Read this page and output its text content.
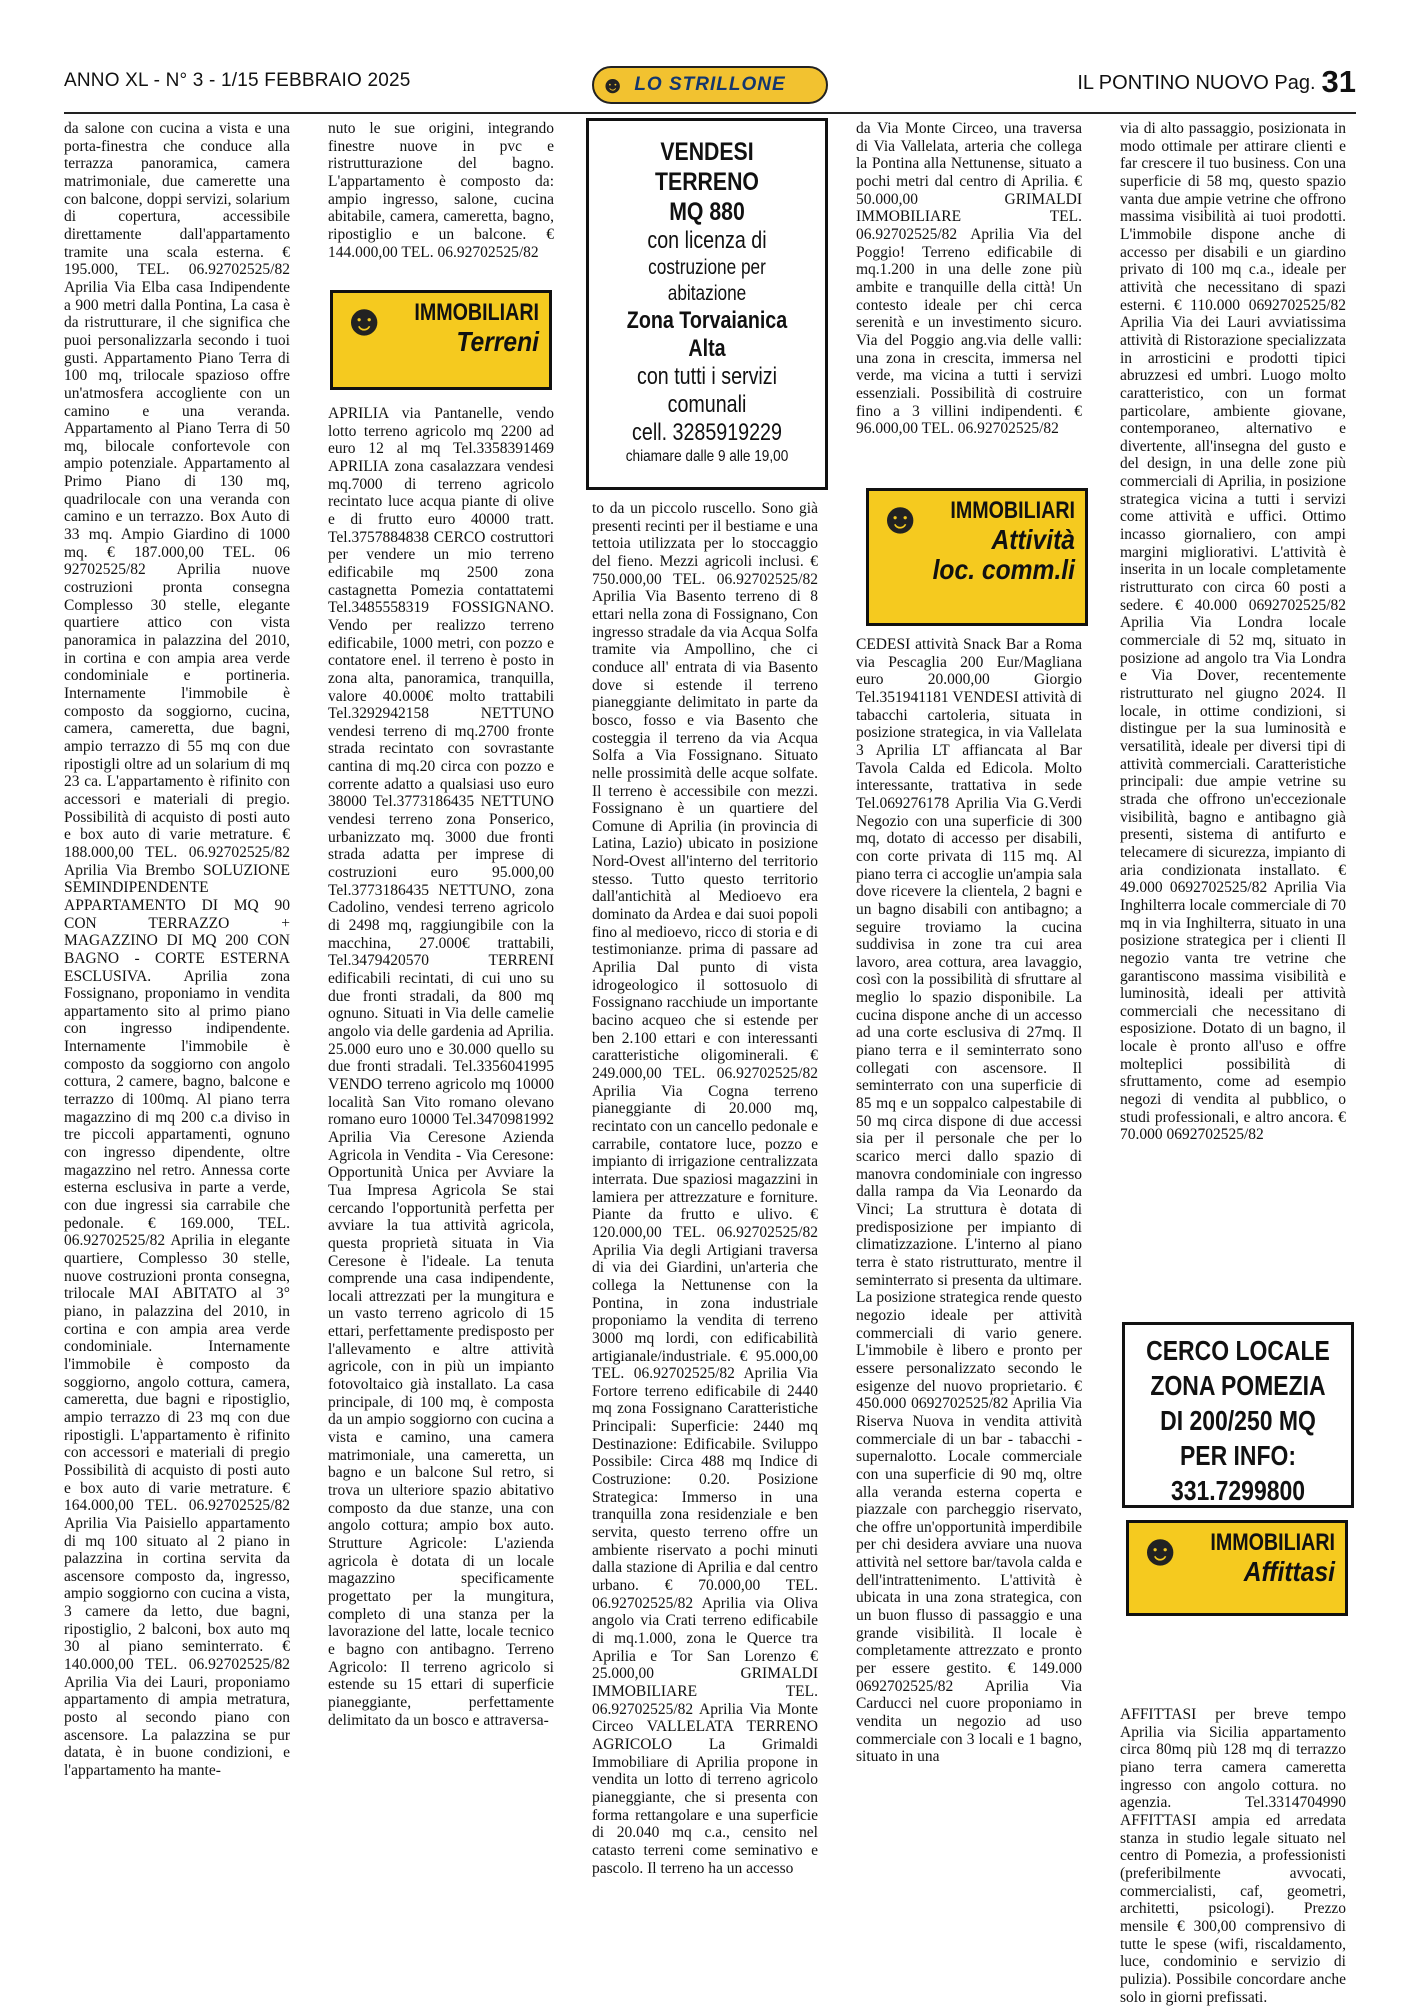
ANNO XL - N° 3 - 1/15 FEBBRAIO 2025	☻ LO STRILLONE	IL PONTINO NUOVO Pag. 31

da salone con cucina a vista e una porta-finestra che conduce alla terrazza panoramica, camera matrimoniale, due camerette una con balcone, doppi servizi, solarium di copertura, accessibile direttamente dall'appartamento tramite una scala esterna. € 195.000, TEL. 06.92702525/82 Aprilia Via Elba casa Indipendente a 900 metri dalla Pontina, La casa è da ristrutturare, il che significa che puoi personalizzarla secondo i tuoi gusti. Appartamento Piano Terra di 100 mq, trilocale spazioso offre un'atmosfera accogliente con un camino e una veranda. Appartamento al Piano Terra di 50 mq, bilocale confortevole con ampio potenziale. Appartamento al Primo Piano di 130 mq, quadrilocale con una veranda con camino e un terrazzo. Box Auto di 33 mq. Ampio Giardino di 1000 mq. € 187.000,00 TEL. 06 92702525/82 Aprilia nuove costruzioni pronta consegna Complesso 30 stelle, elegante quartiere attico con vista panoramica in palazzina del 2010, in cortina e con ampia area verde condominiale e portineria. Internamente l'immobile è composto da soggiorno, cucina, camera, cameretta, due bagni, ampio terrazzo di 55 mq con due ripostigli oltre ad un solarium di mq 23 ca. L'appartamento è rifinito con accessori e materiali di pregio. Possibilità di acquisto di posti auto e box auto di varie metrature. € 188.000,00 TEL. 06.92702525/82 Aprilia Via Brembo SOLUZIONE SEMINDIPENDENTE APPARTAMENTO DI MQ 90 CON TERRAZZO + MAGAZZINO DI MQ 200 CON BAGNO - CORTE ESTERNA ESCLUSIVA. Aprilia zona Fossignano, proponiamo in vendita appartamento sito al primo piano con ingresso indipendente. Internamente l'immobile è composto da soggiorno con angolo cottura, 2 camere, bagno, balcone e terrazzo di 100mq. Al piano terra magazzino di mq 200 c.a diviso in tre piccoli appartamenti, ognuno con ingresso dipendente, oltre magazzino nel retro. Annessa corte esterna esclusiva in parte a verde, con due ingressi sia carrabile che pedonale. € 169.000, TEL. 06.92702525/82 Aprilia in elegante quartiere, Complesso 30 stelle, nuove costruzioni pronta consegna, trilocale MAI ABITATO al 3° piano, in palazzina del 2010, in cortina e con ampia area verde condominiale. Internamente l'immobile è composto da soggiorno, angolo cottura, camera, cameretta, due bagni e ripostiglio, ampio terrazzo di 23 mq con due ripostigli. L'appartamento è rifinito con accessori e materiali di pregio Possibilità di acquisto di posti auto e box auto di varie metrature. € 164.000,00 TEL. 06.92702525/82 Aprilia Via Paisiello appartamento di mq 100 situato al 2 piano in palazzina in cortina servita da ascensore composto da, ingresso, ampio soggiorno con cucina a vista, 3 camere da letto, due bagni, ripostiglio, 2 balconi, box auto mq 30 al piano seminterrato. € 140.000,00 TEL. 06.92702525/82 Aprilia Via dei Lauri, proponiamo appartamento di ampia metratura, posto al secondo piano con ascensore. La palazzina se pur datata, è in buone condizioni, e l'appartamento ha mante-

nuto le sue origini, integrando finestre nuove in pvc e ristrutturazione del bagno. L'appartamento è composto da: ampio ingresso, salone, cucina abitabile, camera, cameretta, bagno, ripostiglio e un balcone. € 144.000,00 TEL. 06.92702525/82

☻	IMMOBILIARI
Terreni

APRILIA via Pantanelle, vendo lotto terreno agricolo mq 2200 ad euro 12 al mq Tel.3358391469 APRILIA zona casalazzara vendesi mq.7000 di terreno agricolo recintato luce acqua piante di olive e di frutto euro 40000 tratt. Tel.3757884838 CERCO costruttori per vendere un mio terreno edificabile mq 2500 zona castagnetta Pomezia contattatemi Tel.3485558319 FOSSIGNANO. Vendo per realizzo terreno edificabile, 1000 metri, con pozzo e contatore enel. il terreno è posto in zona alta, panoramica, tranquilla, valore 40.000€ molto trattabili Tel.3292942158 NETTUNO vendesi terreno di mq.2700 fronte strada recintato con sovrastante cantina di mq.20 circa con pozzo e corrente adatto a qualsiasi uso euro 38000 Tel.3773186435 NETTUNO vendesi terreno zona Ponserico, urbanizzato mq. 3000 due fronti strada adatta per imprese di costruzioni euro 95.000,00 Tel.3773186435 NETTUNO, zona Cadolino, vendesi terreno agricolo di 2498 mq, raggiungibile con la macchina, 27.000€ trattabili, Tel.3479420570 TERRENI edificabili recintati, di cui uno su due fronti stradali, da 800 mq ognuno. Situati in Via delle camelie angolo via delle gardenia ad Aprilia. 25.000 euro uno e 30.000 quello su due fronti stradali. Tel.3356041995 VENDO terreno agricolo mq 10000 località San Vito romano olevano romano euro 10000 Tel.3470981992 Aprilia Via Ceresone Azienda Agricola in Vendita - Via Ceresone: Opportunità Unica per Avviare la Tua Impresa Agricola Se stai cercando l'opportunità perfetta per avviare la tua attività agricola, questa proprietà situata in Via Ceresone è l'ideale. La tenuta comprende una casa indipendente, locali attrezzati per la mungitura e un vasto terreno agricolo di 15 ettari, perfettamente predisposto per l'allevamento e altre attività agricole, con in più un impianto fotovoltaico già installato. La casa principale, di 100 mq, è composta da un ampio soggiorno con cucina a vista e camino, una camera matrimoniale, una cameretta, un bagno e un balcone Sul retro, si trova un ulteriore spazio abitativo composto da due stanze, una con angolo cottura; ampio box auto. Strutture Agricole: L'azienda agricola è dotata di un locale magazzino specificamente progettato per la mungitura, completo di una stanza per la lavorazione del latte, locale tecnico e bagno con antibagno. Terreno Agricolo: Il terreno agricolo si estende su 15 ettari di superficie pianeggiante, perfettamente delimitato da un bosco e attraversa-

VENDESI TERRENO
MQ 880
con licenza di
costruzione per abitazione
Zona Torvaianica Alta
con tutti i servizi
comunali
cell. 3285919229
chiamare dalle 9 alle 19,00

to da un piccolo ruscello. Sono già presenti recinti per il bestiame e una tettoia utilizzata per lo stoccaggio del fieno. Mezzi agricoli inclusi. € 750.000,00 TEL. 06.92702525/82 Aprilia Via Basento terreno di 8 ettari nella zona di Fossignano, Con ingresso stradale da via Acqua Solfa tramite via Ampollino, che ci conduce all' entrata di via Basento dove si estende il terreno pianeggiante delimitato in parte da bosco, fosso e via Basento che costeggia il terreno da via Acqua Solfa a Via Fossignano. Situato nelle prossimità delle acque solfate. Il terreno è accessibile con mezzi. Fossignano è un quartiere del Comune di Aprilia (in provincia di Latina, Lazio) ubicato in posizione Nord-Ovest all'interno del territorio stesso. Tutto questo territorio dall'antichità al Medioevo era dominato da Ardea e dai suoi popoli fino al medioevo, ricco di storia e di testimonianze. prima di passare ad Aprilia Dal punto di vista idrogeologico il sottosuolo di Fossignano racchiude un importante bacino acqueo che si estende per ben 2.100 ettari e con interessanti caratteristiche oligominerali. € 249.000,00 TEL. 06.92702525/82 Aprilia Via Cogna terreno pianeggiante di 20.000 mq, recintato con un cancello pedonale e carrabile, contatore luce, pozzo e impianto di irrigazione centralizzata interrata. Due spaziosi magazzini in lamiera per attrezzature e forniture. Piante da frutto e ulivo. € 120.000,00 TEL. 06.92702525/82 Aprilia Via degli Artigiani traversa di via dei Giardini, un'arteria che collega la Nettunense con la Pontina, in zona industriale proponiamo la vendita di terreno 3000 mq lordi, con edificabilità artigianale/industriale. € 95.000,00 TEL. 06.92702525/82 Aprilia Via Fortore terreno edificabile di 2440 mq zona Fossignano Caratteristiche Principali: Superficie: 2440 mq Destinazione: Edificabile. Sviluppo Possibile: Circa 488 mq Indice di Costruzione: 0.20. Posizione Strategica: Immerso in una tranquilla zona residenziale e ben servita, questo terreno offre un ambiente riservato a pochi minuti dalla stazione di Aprilia e dal centro urbano. € 70.000,00 TEL. 06.92702525/82 Aprilia via Oliva angolo via Crati terreno edificabile di mq.1.000, zona le Querce tra Aprilia e Tor San Lorenzo € 25.000,00 GRIMALDI IMMOBILIARE TEL. 06.92702525/82 Aprilia Via Monte Circeo VALLELATA TERRENO AGRICOLO La Grimaldi Immobiliare di Aprilia propone in vendita un lotto di terreno agricolo pianeggiante, che si presenta con forma rettangolare e una superficie di 20.040 mq c.a., censito nel catasto terreni come seminativo e pascolo. Il terreno ha un accesso

da Via Monte Circeo, una traversa di Via Vallelata, arteria che collega la Pontina alla Nettunense, situato a pochi metri dal centro di Aprilia. € 50.000,00 GRIMALDI IMMOBILIARE TEL. 06.92702525/82 Aprilia Via del Poggio! Terreno edificabile di mq.1.200 in una delle zone più ambite e tranquille della città! Un contesto ideale per chi cerca serenità e un investimento sicuro. Via del Poggio ang.via delle valli: una zona in crescita, immersa nel verde, ma vicina a tutti i servizi essenziali. Possibilità di costruire fino a 3 villini indipendenti. € 96.000,00 TEL. 06.92702525/82

☻	IMMOBILIARI
Attività
loc. comm.li

CEDESI attività Snack Bar a Roma via Pescaglia 200 Eur/Magliana euro 20.000,00 Giorgio Tel.351941181 VENDESI attività di tabacchi cartoleria, situata in posizione strategica, in via Vallelata 3 Aprilia LT affiancata al Bar Tavola Calda ed Edicola. Molto interessante, trattativa in sede Tel.069276178 Aprilia Via G.Verdi Negozio con una superficie di 300 mq, dotato di accesso per disabili, con corte privata di 115 mq. Al piano terra ci accoglie un'ampia sala dove ricevere la clientela, 2 bagni e un bagno disabili con antibagno; a seguire troviamo la cucina suddivisa in zone tra cui area lavoro, area cottura, area lavaggio, così con la possibilità di sfruttare al meglio lo spazio disponibile. La cucina dispone anche di un accesso ad una corte esclusiva di 27mq. Il piano terra e il seminterrato sono collegati con ascensore. Il seminterrato con una superficie di 85 mq e un soppalco calpestabile di 50 mq circa dispone di due accessi sia per il personale che per lo scarico merci dallo spazio di manovra condominiale con ingresso dalla rampa da Via Leonardo da Vinci; La struttura è dotata di predisposizione per impianto di climatizzazione. L'interno al piano terra è stato ristrutturato, mentre il seminterrato si presenta da ultimare. La posizione strategica rende questo negozio ideale per attività commerciali di vario genere. L'immobile è libero e pronto per essere personalizzato secondo le esigenze del nuovo proprietario. € 450.000 0692702525/82 Aprilia Via Riserva Nuova in vendita attività commerciale di un bar - tabacchi - supernalotto. Locale commerciale con una superficie di 90 mq, oltre alla veranda esterna coperta e piazzale con parcheggio riservato, che offre un'opportunità imperdibile per chi desidera avviare una nuova attività nel settore bar/tavola calda e dell'intrattenimento. L'attività è ubicata in una zona strategica, con un buon flusso di passaggio e una grande visibilità. Il locale è completamente attrezzato e pronto per essere gestito. € 149.000 0692702525/82 Aprilia Via Carducci nel cuore proponiamo in vendita un negozio ad uso commerciale con 3 locali e 1 bagno, situato in una

via di alto passaggio, posizionata in modo ottimale per attirare clienti e far crescere il tuo business. Con una superficie di 58 mq, questo spazio vanta due ampie vetrine che offrono massima visibilità ai tuoi prodotti. L'immobile dispone anche di accesso per disabili e un giardino privato di 100 mq c.a., ideale per attività che necessitano di spazi esterni. € 110.000 0692702525/82 Aprilia Via dei Lauri avviatissima attività di Ristorazione specializzata in arrosticini e prodotti tipici abruzzesi ed umbri. Luogo molto caratteristico, con un format particolare, ambiente giovane, contemporaneo, alternativo e divertente, all'insegna del gusto e del design, in una delle zone più commerciali di Aprilia, in posizione strategica vicina a tutti i servizi come attività e uffici. Ottimo incasso giornaliero, con ampi margini migliorativi. L'attività è inserita in un locale completamente ristrutturato con circa 60 posti a sedere. € 40.000 0692702525/82 Aprilia Via Londra locale commerciale di 52 mq, situato in posizione ad angolo tra Via Londra e Via Dover, recentemente ristrutturato nel giugno 2024. Il locale, in ottime condizioni, si distingue per la sua luminosità e versatilità, ideale per diversi tipi di attività commerciali. Caratteristiche principali: due ampie vetrine su strada che offrono un'eccezionale visibilità, bagno e antibagno già presenti, sistema di antifurto e telecamere di sicurezza, impianto di aria condizionata installato. € 49.000 0692702525/82 Aprilia Via Inghilterra locale commerciale di 70 mq in via Inghilterra, situato in una posizione strategica per i clienti Il negozio vanta tre vetrine che garantiscono massima visibilità e luminosità, ideali per attività commerciali che necessitano di esposizione. Dotato di un bagno, il locale è pronto all'uso e offre molteplici possibilità di sfruttamento, come ad esempio negozi di vendita al pubblico, o studi professionali, e altro ancora. € 70.000 0692702525/82

CERCO LOCALE
ZONA POMEZIA
DI 200/250 MQ
PER INFO:
331.7299800
☻	IMMOBILIARI
Affittasi

AFFITTASI per breve tempo Aprilia via Sicilia appartamento circa 80mq più 128 mq di terrazzo piano terra camera cameretta ingresso con angolo cottura. no agenzia. Tel.3314704990 AFFITTASI ampia ed arredata stanza in studio legale situato nel centro di Pomezia, a professionisti (preferibilmente avvocati, commercialisti, caf, geometri, architetti, psicologi). Prezzo mensile € 300,00 comprensivo di tutte le spese (wifi, riscaldamento, luce, condominio e servizio di pulizia). Possibile concordare anche solo in giorni prefissati.
